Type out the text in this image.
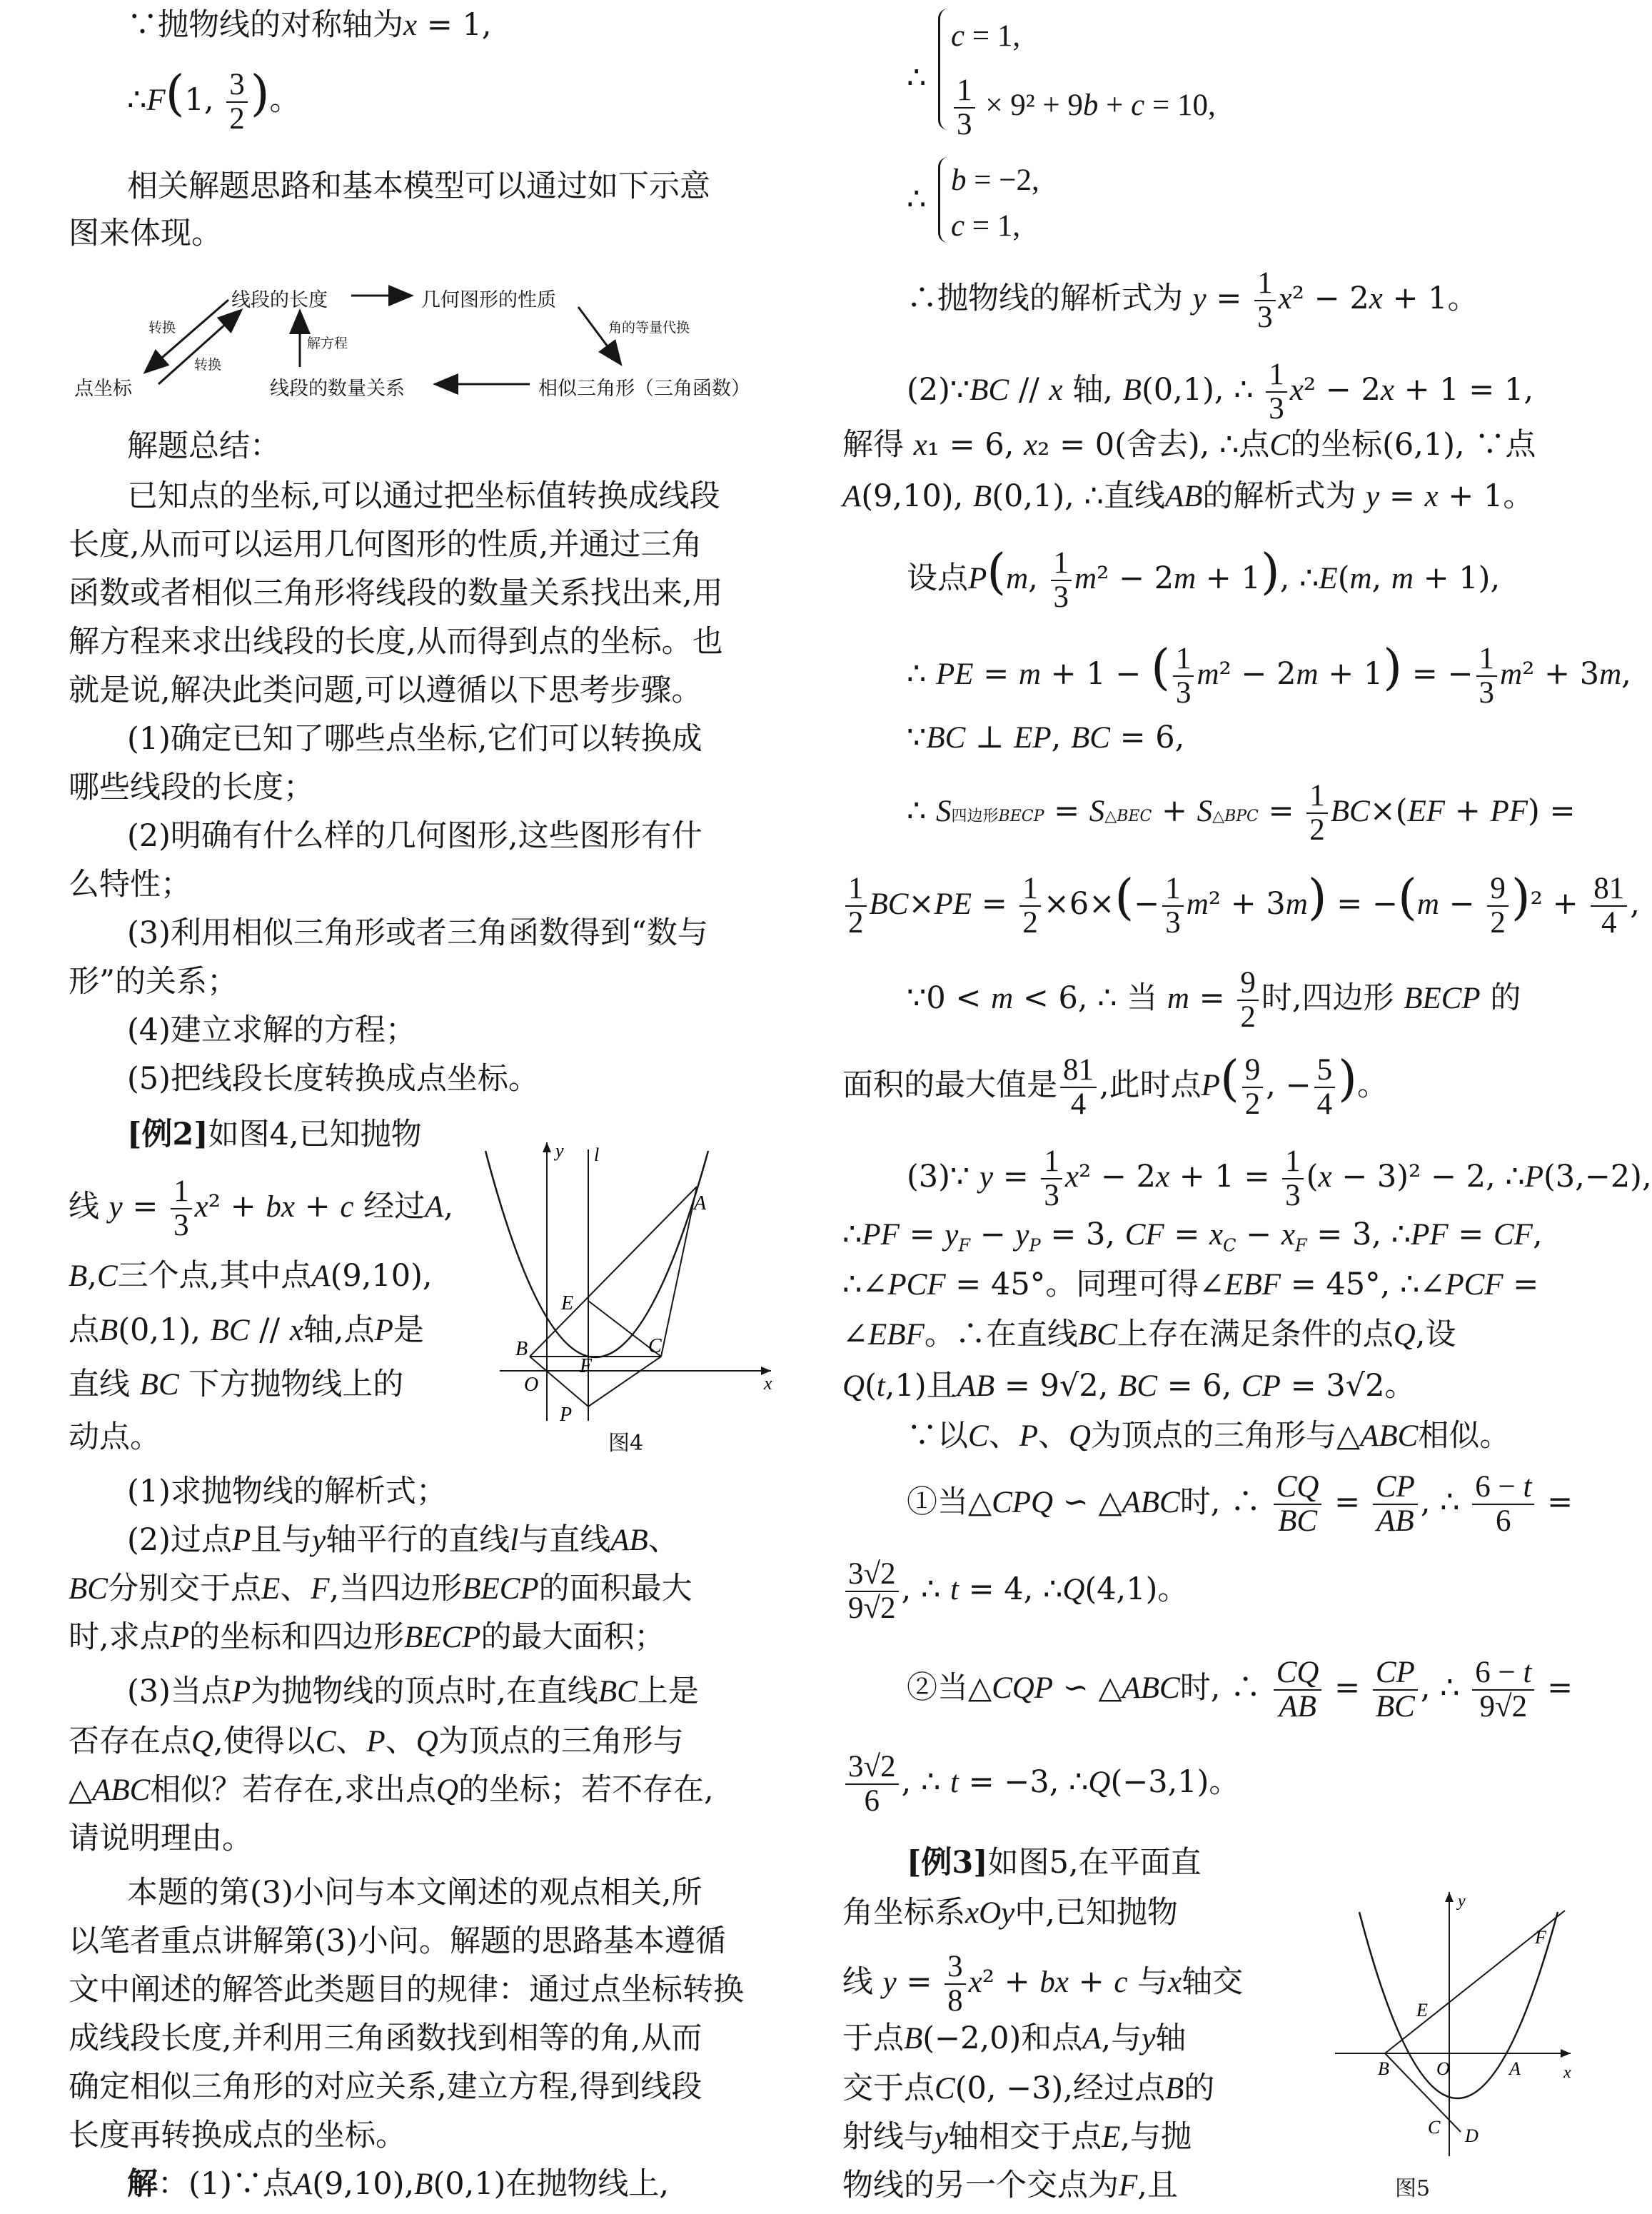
∵抛物线的对称轴为x = 1,
∴F(1, $\frac{3}{2}$ )。
相关解题思路和基本模型可以通过如下示意
图来体现。
线段的长度	几何图形的性质
点坐标	线段的数量关系	相似三角形（三角函数）
转换
转换
解方程
角的等量代换
解题总结：
已知点的坐标,可以通过把坐标值转换成线段
长度,从而可以运用几何图形的性质,并通过三角
函数或者相似三角形将线段的数量关系找出来,用
解方程来求出线段的长度,从而得到点的坐标。也
就是说,解决此类问题,可以遵循以下思考步骤。
(1)确定已知了哪些点坐标,它们可以转换成
哪些线段的长度；
(2)明确有什么样的几何图形,这些图形有什
么特性；
(3)利用相似三角形或者三角函数得到“数与
形”的关系；
(4)建立求解的方程；
(5)把线段长度转换成点坐标。
[例2]如图4,已知抛物
线 $y = \frac{1}{3} x^2$ + bx + c 经过A,
B,C三个点,其中点A(9,10),
点B(0,1), BC // x轴,点P是
直线 BC 下方抛物线上的
动点。
y l
A
E
B
F
C
O
P
x
图4
(1)求抛物线的解析式；
(2)过点P且与y轴平行的直线l与直线AB、
BC分别交于点E、F,当四边形BECP的面积最大
时,求点P的坐标和四边形BECP的最大面积；
(3)当点P为抛物线的顶点时,在直线BC上是
否存在点Q,使得以C、P、Q为顶点的三角形与
△ABC相似？若存在,求出点Q的坐标；若不存在,
请说明理由。
本题的第(3)小问与本文阐述的观点相关,所
以笔者重点讲解第(3)小问。解题的思路基本遵循
文中阐述的解答此类题目的规律：通过点坐标转换
成线段长度,并利用三角函数找到相等的角,从而
确定相似三角形的对应关系,建立方程,得到线段
长度再转换成点的坐标。
解：(1)∵点A(9,10),B(0,1)在抛物线上,
∴
c = 1,
$\frac{1}{3} \times 9^2 + 9b + c = 10$,
∴
b = −2,
c = 1,
∴抛物线的解析式为 $y = \frac{1}{3} x^2 - 2x + 1$。
(2)∵BC // x 轴, B(0,1), ∴ $\frac{1}{3} x^2 - 2x + 1 = 1$,
解得 x₁ = 6, x₂ = 0(舍去), ∴点C的坐标(6,1), ∵点
A(9,10), B(0,1), ∴直线AB的解析式为 y = x + 1。
设点P(m, $\frac{1}{3} m^2 - 2m + 1$), ∴E(m, m + 1),
∴ PE = m + 1 − ( $\frac{1}{3} m^2 - 2m + 1$) = − $\frac{1}{3} m^2 + 3m$,
∵BC ⊥ EP, BC = 6,
∴ S四边形BECP = S△BEC + S△BPC = $\frac{1}{2} BC\times(EF + PF)$ =
$\frac{1}{2} BC\times PE = \frac{1}{2} \times 6\times(- \frac{1}{3} m^2 + 3m) = -(m - \frac{9}{2} )^2 + \frac{81}{4}$ ,
∵0 < m < 6, ∴ 当 $m = \frac{9}{2}$ 时,四边形 BECP 的
面积的最大值是 $\frac{81}{4}$ ,此时点$P( \frac{9}{2}$ , − $\frac{5}{4}$ )。
(3)∵ $y = \frac{1}{3} x^2 - 2x + 1 = \frac{1}{3} (x - 3)^2 - 2$, ∴P(3,−2),
∴PF = $y_F - y_P = 3$, CF = $x_C - x_F = 3$, ∴PF = CF,
∴∠PCF = 45°。同理可得∠EBF = 45°, ∴∠PCF =
∠EBF。∴在直线BC上存在满足条件的点Q,设
Q(t,1)且AB = 9√2, BC = 6, CP = 3√2。
∵以C、P、Q为顶点的三角形与△ABC相似。
①当△CPQ ∽ △ABC时, ∴ $\frac{CQ}{BC} = \frac{CP}{AB}$ , ∴ $\frac{6 - t}{6}$ =
$\frac{3√2}{9√2}$ , ∴ t = 4, ∴Q(4,1)。
②当△CQP ∽ △ABC时, ∴ $\frac{CQ}{AB} = \frac{CP}{BC}$ , ∴ $\frac{6 - t}{9√2}$ =
$\frac{3√2}{6}$ , ∴ t = −3, ∴Q(−3,1)。
[例3]如图5,在平面直
角坐标系xOy中,已知抛物
线 $y = \frac{3}{8} x^2$ + bx + c 与x轴交
于点B(−2,0)和点A,与y轴
交于点C(0, −3),经过点B的
射线与y轴相交于点E,与抛
物线的另一个交点为F,且
y
F
E
B	O	A	x
C D
图5
